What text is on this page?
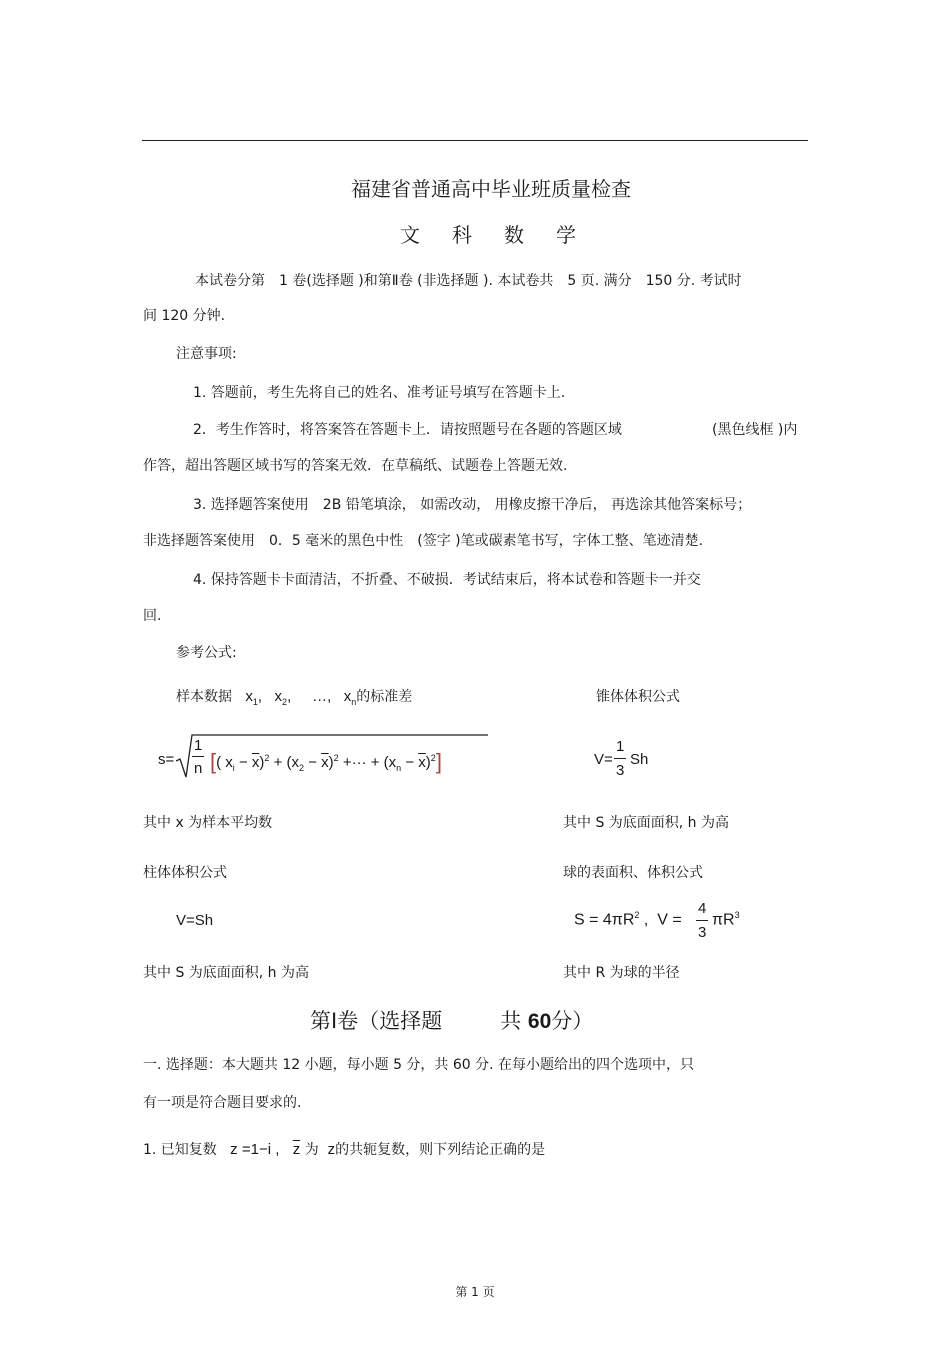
福建省普通高中毕业班质量检查
文　科　数　学
本试卷分第　1 卷(选择题 )和第Ⅱ卷 (非选择题 ). 本试卷共　5 页. 满分　150 分. 考试时
间 120 分钟.
注意事项:
1. 答题前，考生先将自己的姓名、准考证号填写在答题卡上.
2．考生作答时，将答案答在答题卡上．请按照题号在各题的答题区域	(黑色线框 )内
作答，超出答题区域书写的答案无效．在草稿纸、试题卷上答题无效.
3. 选择题答案使用　2B 铅笔填涂， 如需改动， 用橡皮擦干净后， 再选涂其他答案标号；
非选择题答案使用　0．5 毫米的黑色中性　(签字 )笔或碳素笔书写，字体工整、笔迹清楚.
4. 保持答题卡卡面清洁，不折叠、不破损．考试结束后，将本试卷和答题卡一并交
回.
参考公式:
样本数据 $x_1$,   $x_2$,     …,   $x_n$的标准差	锥体体积公式
s=
1
n [( $x_i - \overline{x})^2 + (x_2 - \overline{x})^2$ +··· + $(x_n - \overline{x})^2$]	V=
1
3
Sh
其中 x 为样本平均数	其中 S 为底面面积, h 为高
柱体体积公式	球的表面积、体积公式
V=Sh	$S = 4\pi R^2$ ,  V =
4
3
$\pi R^3$
其中 S 为底面面积, h 为高	其中 R 为球的半径
第Ⅰ卷（选择题	共 60分）
一. 选择题：本大题共 12 小题，每小题 5 分，共 60 分. 在每小题给出的四个选项中，只
有一项是符合题目要求的.
1. 已知复数 z =1−i , $\overline{z}$ 为 z的共轭复数，则下列结论正确的是
第 1 页
